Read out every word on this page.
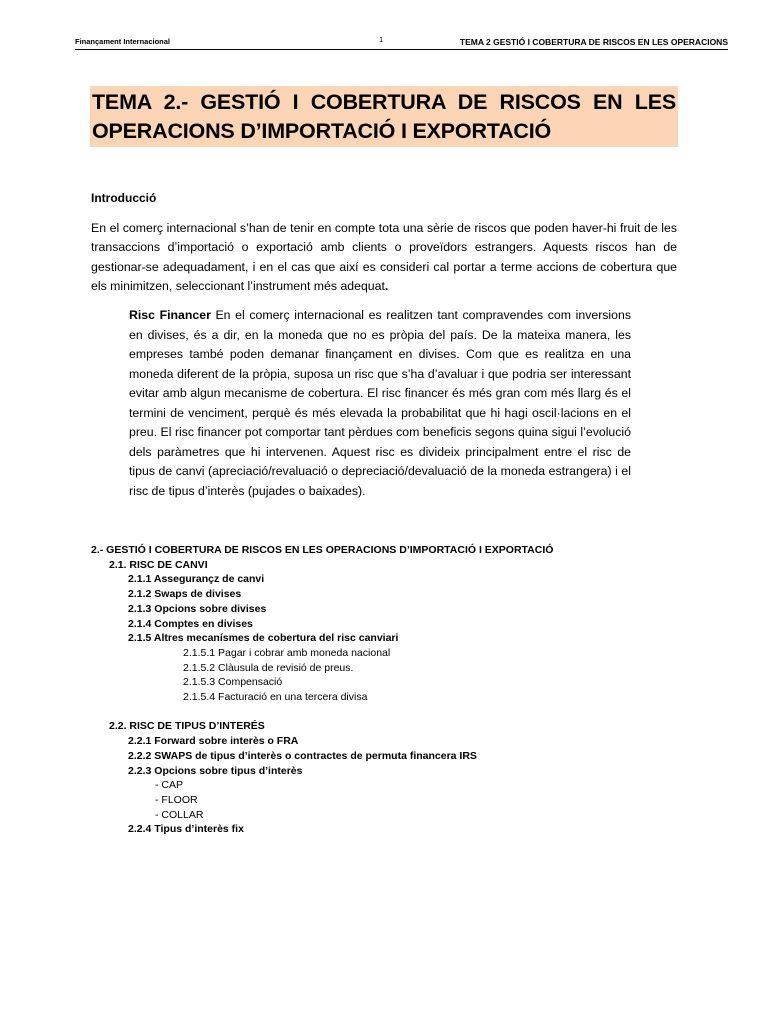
Finançament Internacional	1	TEMA 2 GESTIÓ I COBERTURA DE RISCOS EN LES OPERACIONS
TEMA 2.- GESTIÓ I COBERTURA DE RISCOS EN LES OPERACIONS D’IMPORTACIÓ I EXPORTACIÓ
Introducció
En el comerç internacional s’han de tenir en compte tota una sèrie de riscos que poden haver-hi fruit de les transaccions d’importació o exportació amb clients o proveïdors estrangers. Aquests riscos han de gestionar-se adequadament, i en el cas que així es consideri cal portar a terme accions de cobertura que els minimitzen, seleccionant l’instrument més adequat.
Risc Financer En el comerç internacional es realitzen tant compravendes com inversions en divises, és a dir, en la moneda que no es pròpia del país. De la mateixa manera, les empreses també poden demanar finançament en divises. Com que es realitza en una moneda diferent de la pròpia, suposa un risc que s’ha d’avaluar i que podria ser interessant evitar amb algun mecanisme de cobertura. El risc financer és més gran com més llarg és el termini de venciment, perquè és més elevada la probabilitat que hi hagi oscil·lacions en el preu. El risc financer pot comportar tant pèrdues com beneficis segons quina sigui l’evolució dels paràmetres que hi intervenen. Aquest risc es divideix principalment entre el risc de tipus de canvi (apreciació/revaluació o depreciació/devaluació de la moneda estrangera) i el risc de tipus d’interès (pujades o baixades).
2.- GESTIÓ I COBERTURA DE RISCOS EN LES OPERACIONS D’IMPORTACIÓ I EXPORTACIÓ
2.1. RISC DE CANVI
2.1.1 Assegurançz de canvi
2.1.2 Swaps de divises
2.1.3 Opcions sobre divises
2.1.4 Comptes en divises
2.1.5 Altres mecanísmes de cobertura del risc canviari
2.1.5.1 Pagar i cobrar amb moneda nacional
2.1.5.2 Clàusula de revisió de preus.
2.1.5.3 Compensació
2.1.5.4 Facturació en una tercera divisa
2.2. RISC DE TIPUS D’INTERÉS
2.2.1 Forward sobre interès o FRA
2.2.2 SWAPS de tipus d’interès o contractes de permuta financera IRS
2.2.3 Opcions sobre tipus d’interès
- CAP
- FLOOR
- COLLAR
2.2.4 Tipus d’interès fix
